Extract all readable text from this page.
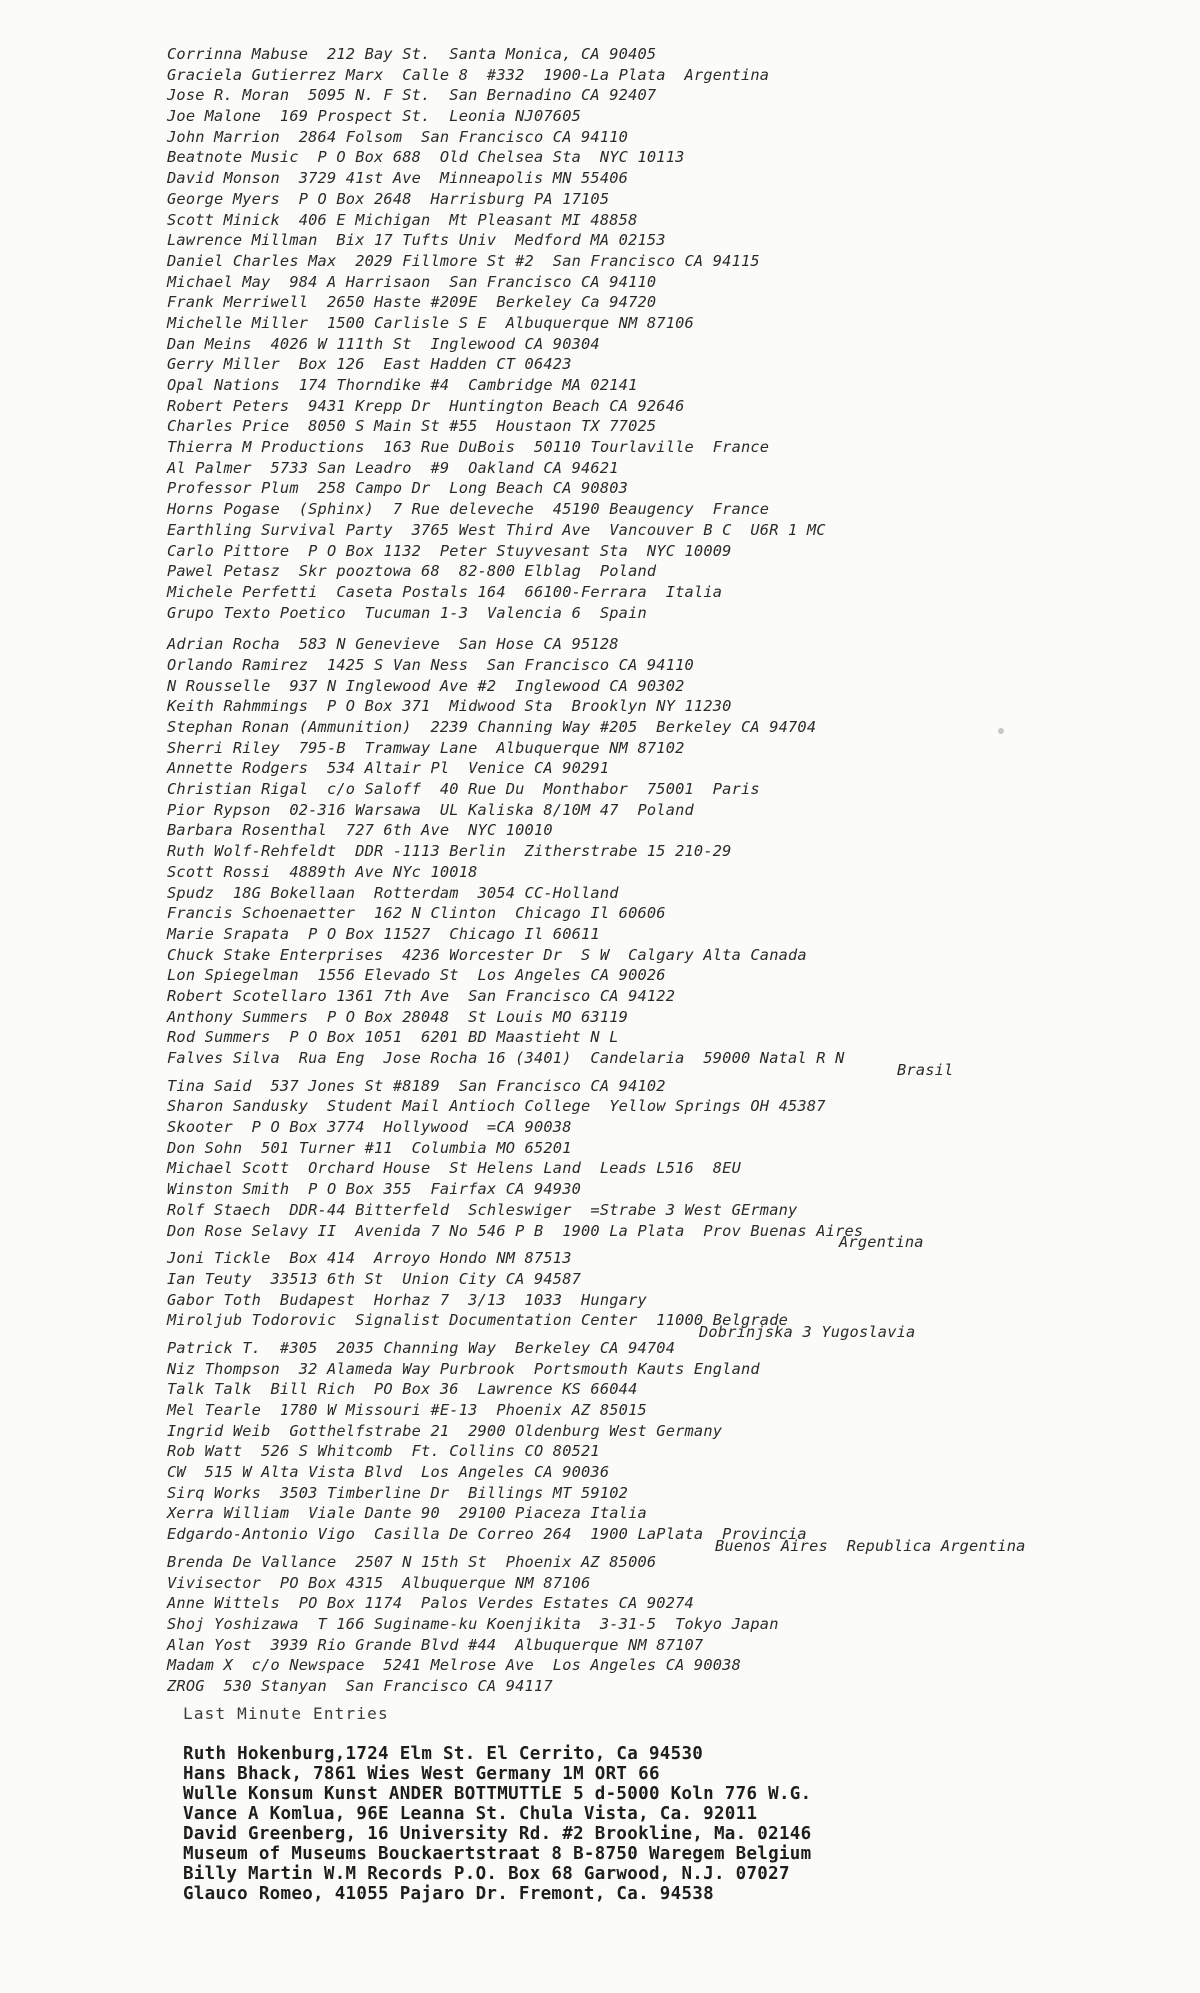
Corrinna Mabuse  212 Bay St.  Santa Monica, CA 90405
Graciela Gutierrez Marx  Calle 8  #332  1900-La Plata  Argentina
Jose R. Moran  5095 N. F St.  San Bernadino CA 92407
Joe Malone  169 Prospect St.  Leonia NJ07605
John Marrion  2864 Folsom  San Francisco CA 94110
Beatnote Music  P O Box 688  Old Chelsea Sta  NYC 10113
David Monson  3729 41st Ave  Minneapolis MN 55406
George Myers  P O Box 2648  Harrisburg PA 17105
Scott Minick  406 E Michigan  Mt Pleasant MI 48858
Lawrence Millman  Bix 17 Tufts Univ  Medford MA 02153
Daniel Charles Max  2029 Fillmore St #2  San Francisco CA 94115
Michael May  984 A Harrisaon  San Francisco CA 94110
Frank Merriwell  2650 Haste #209E  Berkeley Ca 94720
Michelle Miller  1500 Carlisle S E  Albuquerque NM 87106
Dan Meins  4026 W 111th St  Inglewood CA 90304
Gerry Miller  Box 126  East Hadden CT 06423
Opal Nations  174 Thorndike #4  Cambridge MA 02141
Robert Peters  9431 Krepp Dr  Huntington Beach CA 92646
Charles Price  8050 S Main St #55  Houstaon TX 77025
Thierra M Productions  163 Rue DuBois  50110 Tourlaville  France
Al Palmer  5733 San Leadro  #9  Oakland CA 94621
Professor Plum  258 Campo Dr  Long Beach CA 90803
Horns Pogase  (Sphinx)  7 Rue deleveche  45190 Beaugency  France
Earthling Survival Party  3765 West Third Ave  Vancouver B C  U6R 1 MC
Carlo Pittore  P O Box 1132  Peter Stuyvesant Sta  NYC 10009
Pawel Petasz  Skr pooztowa 68  82-800 Elblag  Poland
Michele Perfetti  Caseta Postals 164  66100-Ferrara  Italia
Grupo Texto Poetico  Tucuman 1-3  Valencia 6  Spain
Adrian Rocha  583 N Genevieve  San Hose CA 95128
Orlando Ramirez  1425 S Van Ness  San Francisco CA 94110
N Rousselle  937 N Inglewood Ave #2  Inglewood CA 90302
Keith Rahmmings  P O Box 371  Midwood Sta  Brooklyn NY 11230
Stephan Ronan (Ammunition)  2239 Channing Way #205  Berkeley CA 94704
Sherri Riley  795-B  Tramway Lane  Albuquerque NM 87102
Annette Rodgers  534 Altair Pl  Venice CA 90291
Christian Rigal  c/o Saloff  40 Rue Du  Monthabor  75001  Paris
Pior Rypson  02-316 Warsawa  UL Kaliska 8/10M 47  Poland
Barbara Rosenthal  727 6th Ave  NYC 10010
Ruth Wolf-Rehfeldt  DDR -1113 Berlin  Zitherstrabe 15 210-29
Scott Rossi  4889th Ave NYc 10018
Spudz  18G Bokellaan  Rotterdam  3054 CC-Holland
Francis Schoenaetter  162 N Clinton  Chicago Il 60606
Marie Srapata  P O Box 11527  Chicago Il 60611
Chuck Stake Enterprises  4236 Worcester Dr  S W  Calgary Alta Canada
Lon Spiegelman  1556 Elevado St  Los Angeles CA 90026
Robert Scotellaro 1361 7th Ave  San Francisco CA 94122
Anthony Summers  P O Box 28048  St Louis MO 63119
Rod Summers  P O Box 1051  6201 BD Maastieht N L
Falves Silva  Rua Eng  Jose Rocha 16 (3401)  Candelaria  59000 Natal R N
Brasil
Tina Said  537 Jones St #8189  San Francisco CA 94102
Sharon Sandusky  Student Mail Antioch College  Yellow Springs OH 45387
Skooter  P O Box 3774  Hollywood  =CA 90038
Don Sohn  501 Turner #11  Columbia MO 65201
Michael Scott  Orchard House  St Helens Land  Leads L516  8EU
Winston Smith  P O Box 355  Fairfax CA 94930
Rolf Staech  DDR-44 Bitterfeld  Schleswiger  =Strabe 3 West GErmany
Don Rose Selavy II  Avenida 7 No 546 P B  1900 La Plata  Prov Buenas Aires
Argentina
Joni Tickle  Box 414  Arroyo Hondo NM 87513
Ian Teuty  33513 6th St  Union City CA 94587
Gabor Toth  Budapest  Horhaz 7  3/13  1033  Hungary
Miroljub Todorovic  Signalist Documentation Center  11000 Belgrade
Dobrinjska 3 Yugoslavia
Patrick T.  #305  2035 Channing Way  Berkeley CA 94704
Niz Thompson  32 Alameda Way Purbrook  Portsmouth Kauts England
Talk Talk  Bill Rich  PO Box 36  Lawrence KS 66044
Mel Tearle  1780 W Missouri #E-13  Phoenix AZ 85015
Ingrid Weib  Gotthelfstrabe 21  2900 Oldenburg West Germany
Rob Watt  526 S Whitcomb  Ft. Collins CO 80521
CW  515 W Alta Vista Blvd  Los Angeles CA 90036
Sirq Works  3503 Timberline Dr  Billings MT 59102
Xerra William  Viale Dante 90  29100 Piaceza Italia
Edgardo-Antonio Vigo  Casilla De Correo 264  1900 LaPlata  Provincia
Buenos Aires  Republica Argentina
Brenda De Vallance  2507 N 15th St  Phoenix AZ 85006
Vivisector  PO Box 4315  Albuquerque NM 87106
Anne Wittels  PO Box 1174  Palos Verdes Estates CA 90274
Shoj Yoshizawa  T 166 Suginame-ku Koenjikita  3-31-5  Tokyo Japan
Alan Yost  3939 Rio Grande Blvd #44  Albuquerque NM 87107
Madam X  c/o Newspace  5241 Melrose Ave  Los Angeles CA 90038
ZROG  530 Stanyan  San Francisco CA 94117
Last Minute Entries
Ruth Hokenburg,1724 Elm St. El Cerrito, Ca 94530
Hans Bhack, 7861 Wies West Germany 1M ORT 66
Wulle Konsum Kunst ANDER BOTTMUTTLE 5 d-5000 Koln 776 W.G.
Vance A Komlua, 96E Leanna St. Chula Vista, Ca. 92011
David Greenberg, 16 University Rd. #2 Brookline, Ma. 02146
Museum of Museums Bouckaertstraat 8 B-8750 Waregem Belgium
Billy Martin W.M Records P.O. Box 68 Garwood, N.J. 07027
Glauco Romeo, 41055 Pajaro Dr. Fremont, Ca. 94538
